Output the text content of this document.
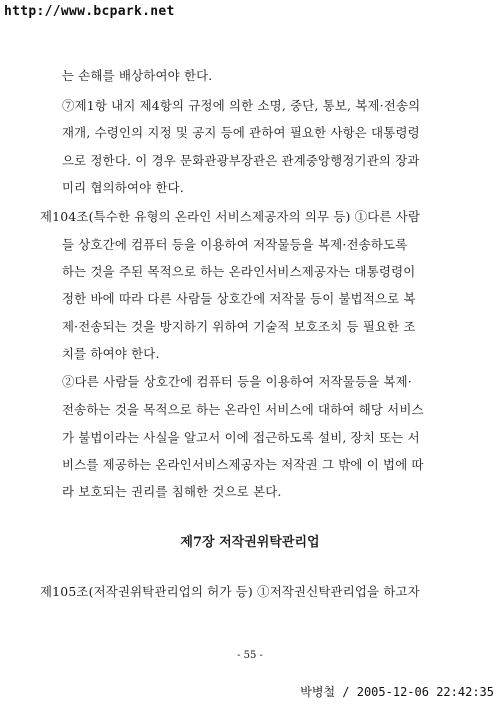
http://www.bcpark.net
는 손해를 배상하여야 한다.
⑦제1항 내지 제4항의 규정에 의한 소명, 중단, 통보, 복제·전송의
재개, 수령인의 지정 및 공지 등에 관하여 필요한 사항은 대통령령
으로 정한다. 이 경우 문화관광부장관은 관계중앙행정기관의 장과
미리 협의하여야 한다.
제104조(특수한 유형의 온라인 서비스제공자의 의무 등) ①다른 사람
들 상호간에 컴퓨터 등을 이용하여 저작물등을 복제·전송하도록
하는 것을 주된 목적으로 하는 온라인서비스제공자는 대통령령이
정한 바에 따라 다른 사람들 상호간에 저작물 등이 불법적으로 복
제·전송되는 것을 방지하기 위하여 기술적 보호조치 등 필요한 조
치를 하여야 한다.
②다른 사람들 상호간에 컴퓨터 등을 이용하여 저작물등을 복제·
전송하는 것을 목적으로 하는 온라인 서비스에 대하여 해당 서비스
가 불법이라는 사실을 알고서 이에 접근하도록 설비, 장치 또는 서
비스를 제공하는 온라인서비스제공자는 저작권 그 밖에 이 법에 따
라 보호되는 권리를 침해한 것으로 본다.
제7장 저작권위탁관리업
제105조(저작권위탁관리업의 허가 등) ①저작권신탁관리업을 하고자
- 55 -
박병철 / 2005-12-06 22:42:35
